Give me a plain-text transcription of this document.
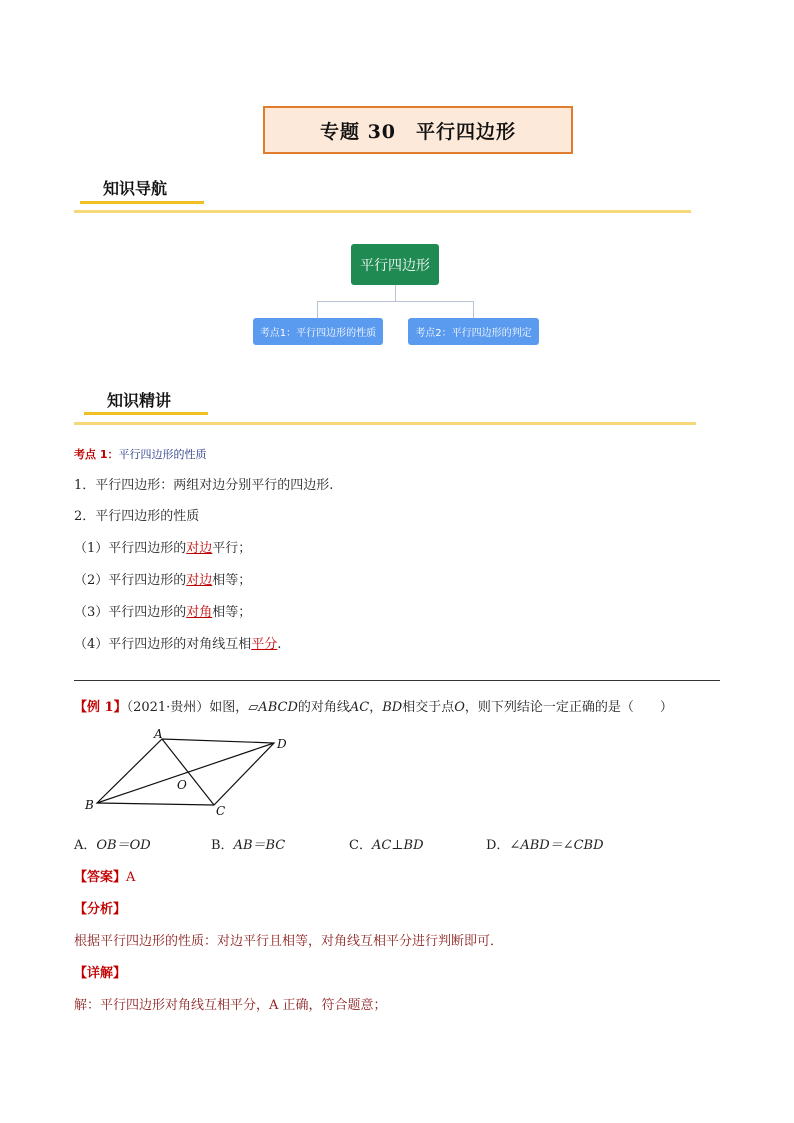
专题 30　平行四边形
知识导航
平行四边形
考点1：平行四边形的性质	考点2：平行四边形的判定
知识精讲
考点 1：平行四边形的性质
1．平行四边形：两组对边分别平行的四边形.
2．平行四边形的性质
（1）平行四边形的对边平行；
（2）平行四边形的对边相等；
（3）平行四边形的对角相等；
（4）平行四边形的对角线互相平分.
【例 1】（2021·贵州）如图，▱ABCD的对角线AC，BD相交于点O，则下列结论一定正确的是（　　）
A
D
B	C
O
A．OB＝OD	B．AB＝BC	C．AC⊥BD	D．∠ABD＝∠CBD
【答案】A
【分析】
根据平行四边形的性质：对边平行且相等，对角线互相平分进行判断即可．
【详解】
解：平行四边形对角线互相平分，A 正确，符合题意；
